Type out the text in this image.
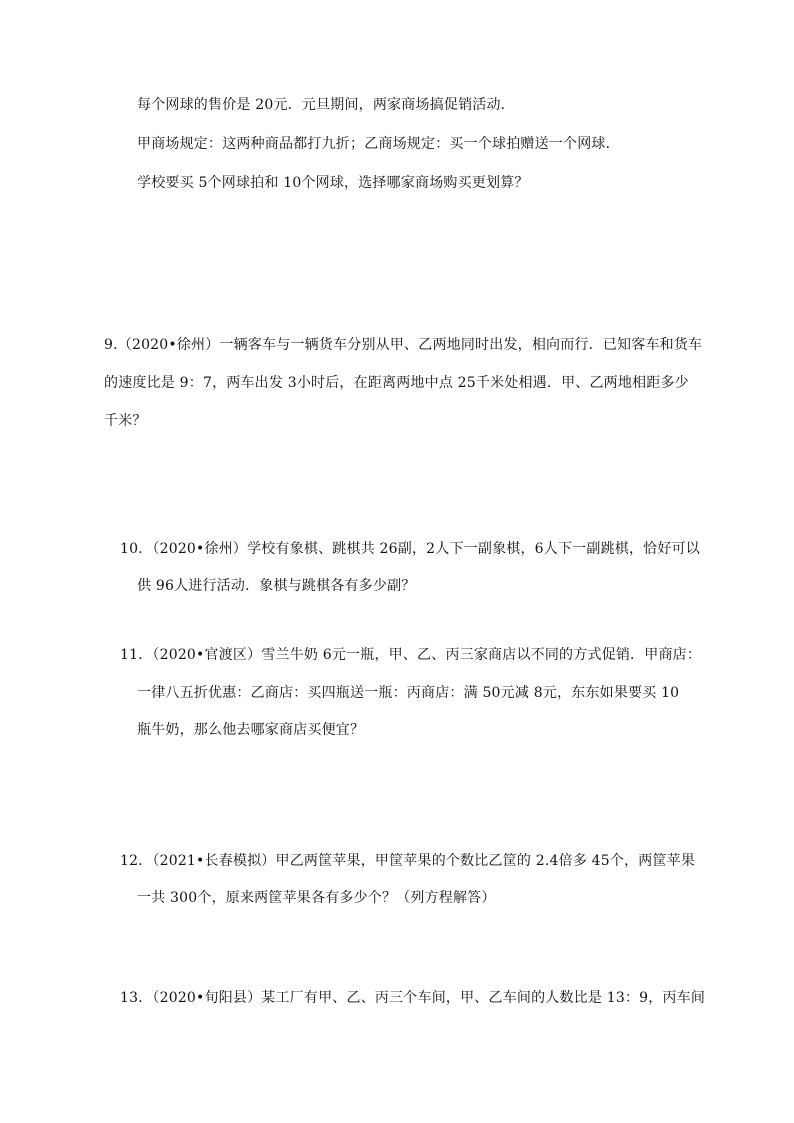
每个网球的售价是 20元．元旦期间，两家商场搞促销活动．
甲商场规定：这两种商品都打九折；乙商场规定：买一个球拍赠送一个网球．
学校要买 5个网球拍和 10个网球，选择哪家商场购买更划算？
9.（2020•徐州）一辆客车与一辆货车分别从甲、乙两地同时出发，相向而行．已知客车和货车
的速度比是 9：7，两车出发 3小时后，在距离两地中点 25千米处相遇．甲、乙两地相距多少
千米？
10．（2020•徐州）学校有象棋、跳棋共 26副，2人下一副象棋，6人下一副跳棋，恰好可以
供 96人进行活动．象棋与跳棋各有多少副？
11．（2020•官渡区）雪兰牛奶 6元一瓶，甲、乙、丙三家商店以不同的方式促销．甲商店：
一律八五折优惠：乙商店：买四瓶送一瓶：丙商店：满 50元减 8元，东东如果要买 10
瓶牛奶，那么他去哪家商店买便宜？
12．（2021•长春模拟）甲乙两筐苹果，甲筐苹果的个数比乙筐的 2.4倍多 45个，两筐苹果
一共 300个，原来两筐苹果各有多少个？（列方程解答）
13．（2020•旬阳县）某工厂有甲、乙、丙三个车间，甲、乙车间的人数比是 13：9，丙车间
